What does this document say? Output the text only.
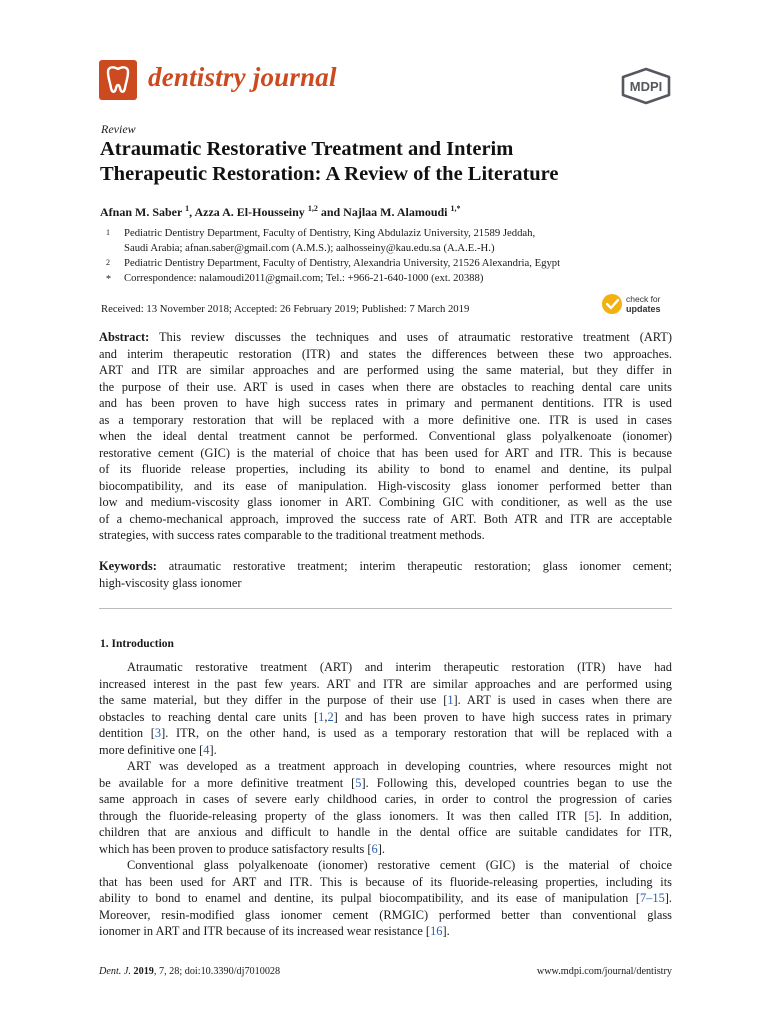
dentistry journal	MDPI
Review
Atraumatic Restorative Treatment and Interim
Therapeutic Restoration: A Review of the Literature
Afnan M. Saber $^1$, Azza A. El-Housseiny $^{1,2}$ and Najlaa M. Alamoudi $^{1,*}$
1 Pediatric Dentistry Department, Faculty of Dentistry, King Abdulaziz University, 21589 Jeddah,
Saudi Arabia; afnan.saber@gmail.com (A.M.S.); aalhosseiny@kau.edu.sa (A.A.E.-H.)
2 Pediatric Dentistry Department, Faculty of Dentistry, Alexandria University, 21526 Alexandria, Egypt
* Correspondence: nalamoudi2011@gmail.com; Tel.: +966-21-640-1000 (ext. 20388)
Received: 13 November 2018; Accepted: 26 February 2019; Published: 7 March 2019
check for
updates
Abstract: This review discusses the techniques and uses of atraumatic restorative treatment (ART)
and interim therapeutic restoration (ITR) and states the differences between these two approaches.
ART and ITR are similar approaches and are performed using the same material, but they differ in
the purpose of their use. ART is used in cases when there are obstacles to reaching dental care units
and has been proven to have high success rates in primary and permanent dentitions. ITR is used
as a temporary restoration that will be replaced with a more definitive one. ITR is used in cases
when the ideal dental treatment cannot be performed. Conventional glass polyalkenoate (ionomer)
restorative cement (GIC) is the material of choice that has been used for ART and ITR. This is because
of its fluoride release properties, including its ability to bond to enamel and dentine, its pulpal
biocompatibility, and its ease of manipulation. High-viscosity glass ionomer performed better than
low and medium-viscosity glass ionomer in ART. Combining GIC with conditioner, as well as the use
of a chemo-mechanical approach, improved the success rate of ART. Both ATR and ITR are acceptable
strategies, with success rates comparable to the traditional treatment methods.
Keywords: atraumatic restorative treatment; interim therapeutic restoration; glass ionomer cement;
high-viscosity glass ionomer
1. Introduction
Atraumatic restorative treatment (ART) and interim therapeutic restoration (ITR) have had
increased interest in the past few years. ART and ITR are similar approaches and are performed using
the same material, but they differ in the purpose of their use [1]. ART is used in cases when there are
obstacles to reaching dental care units [1,2] and has been proven to have high success rates in primary
dentition [3]. ITR, on the other hand, is used as a temporary restoration that will be replaced with a
more definitive one [4].
ART was developed as a treatment approach in developing countries, where resources might not
be available for a more definitive treatment [5]. Following this, developed countries began to use the
same approach in cases of severe early childhood caries, in order to control the progression of caries
through the fluoride-releasing property of the glass ionomers. It was then called ITR [5]. In addition,
children that are anxious and difficult to handle in the dental office are suitable candidates for ITR,
which has been proven to produce satisfactory results [6].
Conventional glass polyalkenoate (ionomer) restorative cement (GIC) is the material of choice
that has been used for ART and ITR. This is because of its fluoride-releasing properties, including its
ability to bond to enamel and dentine, its pulpal biocompatibility, and its ease of manipulation [7–15].
Moreover, resin-modified glass ionomer cement (RMGIC) performed better than conventional glass
ionomer in ART and ITR because of its increased wear resistance [16].
Dent. J. 2019, 7, 28; doi:10.3390/dj7010028	www.mdpi.com/journal/dentistry
